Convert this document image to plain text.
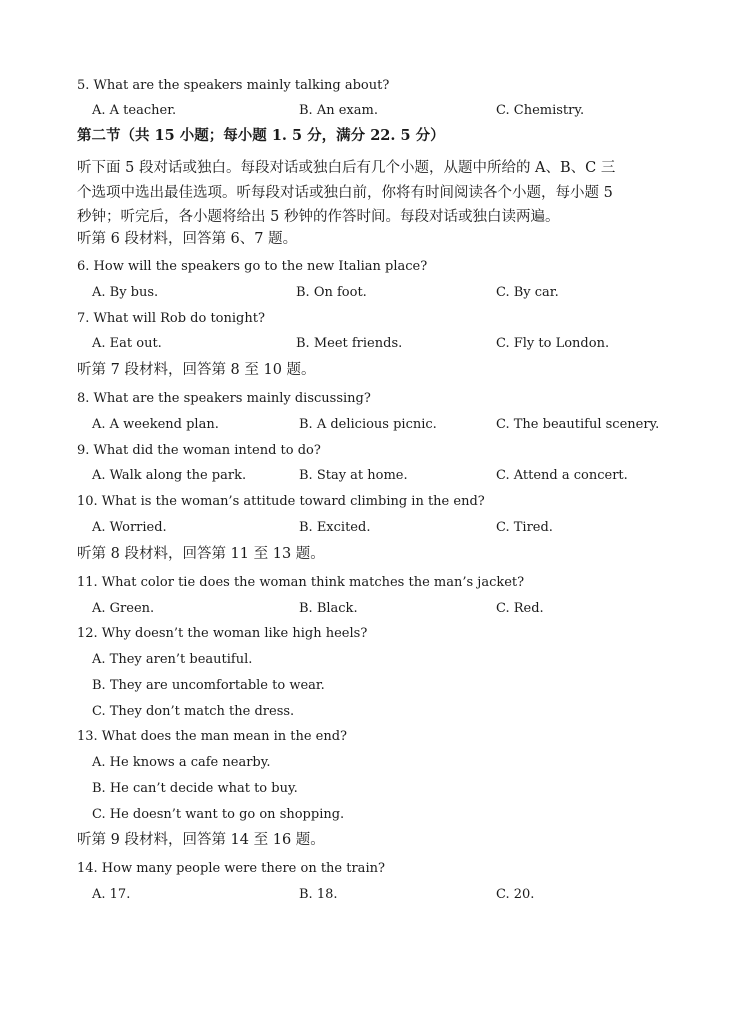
5. What are the speakers mainly talking about?
A. A teacher.	B. An exam.	C. Chemistry.
第二节（共 15 小题；每小题 1. 5 分，满分 22. 5 分）
听下面 5 段对话或独白。每段对话或独白后有几个小题，从题中所给的 A、B、C 三
个选项中选出最佳选项。听每段对话或独白前，你将有时间阅读各个小题，每小题 5
秒钟；听完后，各小题将给出 5 秒钟的作答时间。每段对话或独白读两遍。
听第 6 段材料，回答第 6、7 题。
6. How will the speakers go to the new Italian place?
A. By bus.	B. On foot.	C. By car.
7. What will Rob do tonight?
A. Eat out.	B. Meet friends.	C. Fly to London.
听第 7 段材料，回答第 8 至 10 题。
8. What are the speakers mainly discussing?
A. A weekend plan.	B. A delicious picnic.	C. The beautiful scenery.
9. What did the woman intend to do?
A. Walk along the park.	B. Stay at home.	C. Attend a concert.
10. What is the woman’s attitude toward climbing in the end?
A. Worried.	B. Excited.	C. Tired.
听第 8 段材料，回答第 11 至 13 题。
11. What color tie does the woman think matches the man’s jacket?
A. Green.	B. Black.	C. Red.
12. Why doesn’t the woman like high heels?
A. They aren’t beautiful.
B. They are uncomfortable to wear.
C. They don’t match the dress.
13. What does the man mean in the end?
A. He knows a cafe nearby.
B. He can’t decide what to buy.
C. He doesn’t want to go on shopping.
听第 9 段材料，回答第 14 至 16 题。
14. How many people were there on the train?
A. 17.	B. 18.	C. 20.
